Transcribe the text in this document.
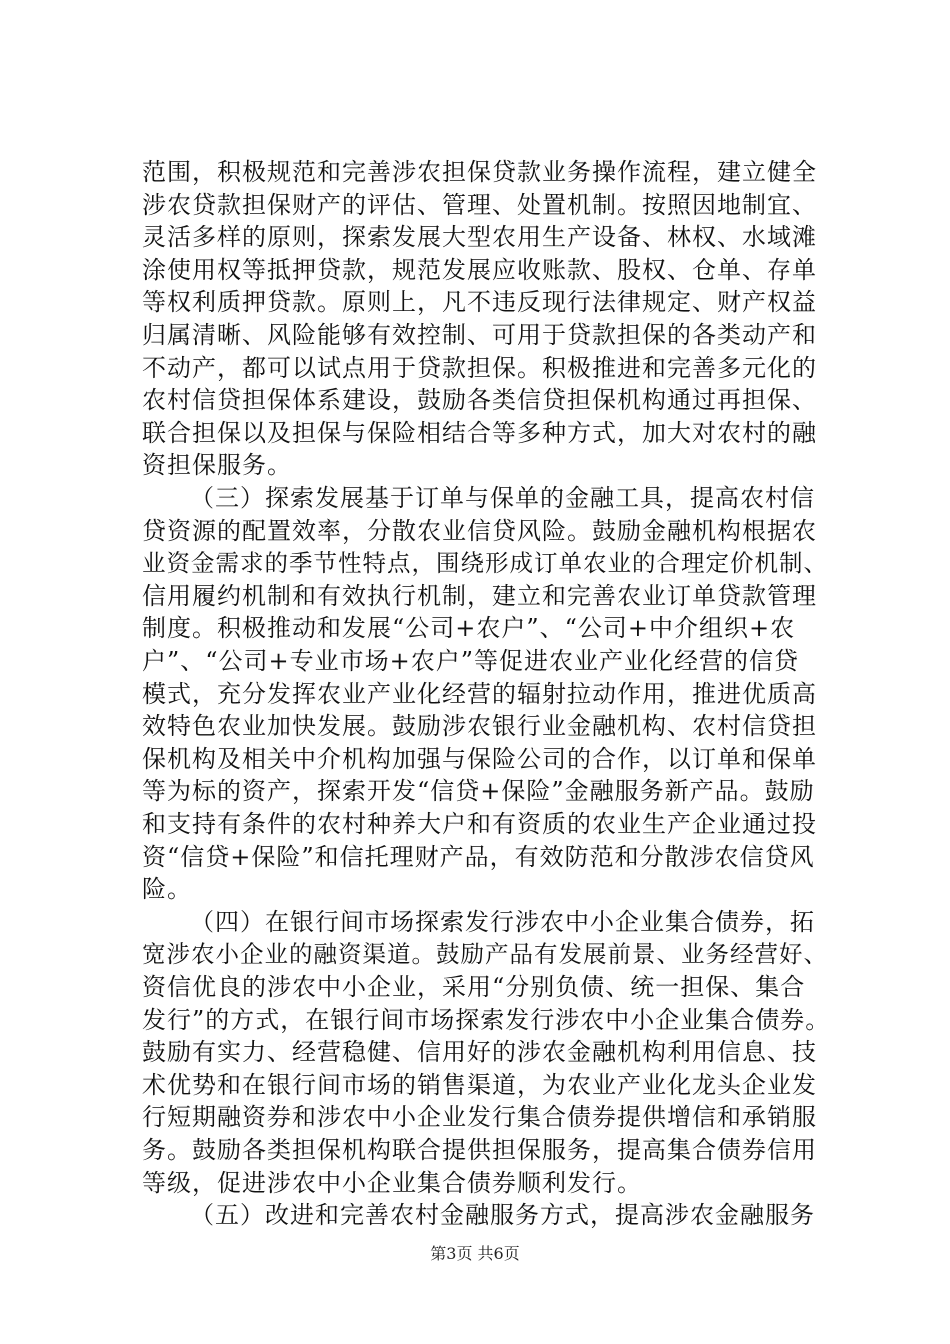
范围，积极规范和完善涉农担保贷款业务操作流程，建立健全
涉农贷款担保财产的评估、管理、处置机制。按照因地制宜、
灵活多样的原则，探索发展大型农用生产设备、林权、水域滩
涂使用权等抵押贷款，规范发展应收账款、股权、仓单、存单
等权利质押贷款。原则上，凡不违反现行法律规定、财产权益
归属清晰、风险能够有效控制、可用于贷款担保的各类动产和
不动产，都可以试点用于贷款担保。积极推进和完善多元化的
农村信贷担保体系建设，鼓励各类信贷担保机构通过再担保、
联合担保以及担保与保险相结合等多种方式，加大对农村的融
资担保服务。
（三）探索发展基于订单与保单的金融工具，提高农村信
贷资源的配置效率，分散农业信贷风险。鼓励金融机构根据农
业资金需求的季节性特点，围绕形成订单农业的合理定价机制、
信用履约机制和有效执行机制，建立和完善农业订单贷款管理
制度。积极推动和发展“公司+农户”、“公司+中介组织+农
户”、“公司+专业市场+农户”等促进农业产业化经营的信贷
模式，充分发挥农业产业化经营的辐射拉动作用，推进优质高
效特色农业加快发展。鼓励涉农银行业金融机构、农村信贷担
保机构及相关中介机构加强与保险公司的合作，以订单和保单
等为标的资产，探索开发“信贷+保险”金融服务新产品。鼓励
和支持有条件的农村种养大户和有资质的农业生产企业通过投
资“信贷+保险”和信托理财产品，有效防范和分散涉农信贷风
险。
（四）在银行间市场探索发行涉农中小企业集合债券，拓
宽涉农小企业的融资渠道。鼓励产品有发展前景、业务经营好、
资信优良的涉农中小企业，采用“分别负债、统一担保、集合
发行”的方式，在银行间市场探索发行涉农中小企业集合债券。
鼓励有实力、经营稳健、信用好的涉农金融机构利用信息、技
术优势和在银行间市场的销售渠道，为农业产业化龙头企业发
行短期融资券和涉农中小企业发行集合债券提供增信和承销服
务。鼓励各类担保机构联合提供担保服务，提高集合债券信用
等级，促进涉农中小企业集合债券顺利发行。
（五）改进和完善农村金融服务方式，提高涉农金融服务
第3页 共6页
